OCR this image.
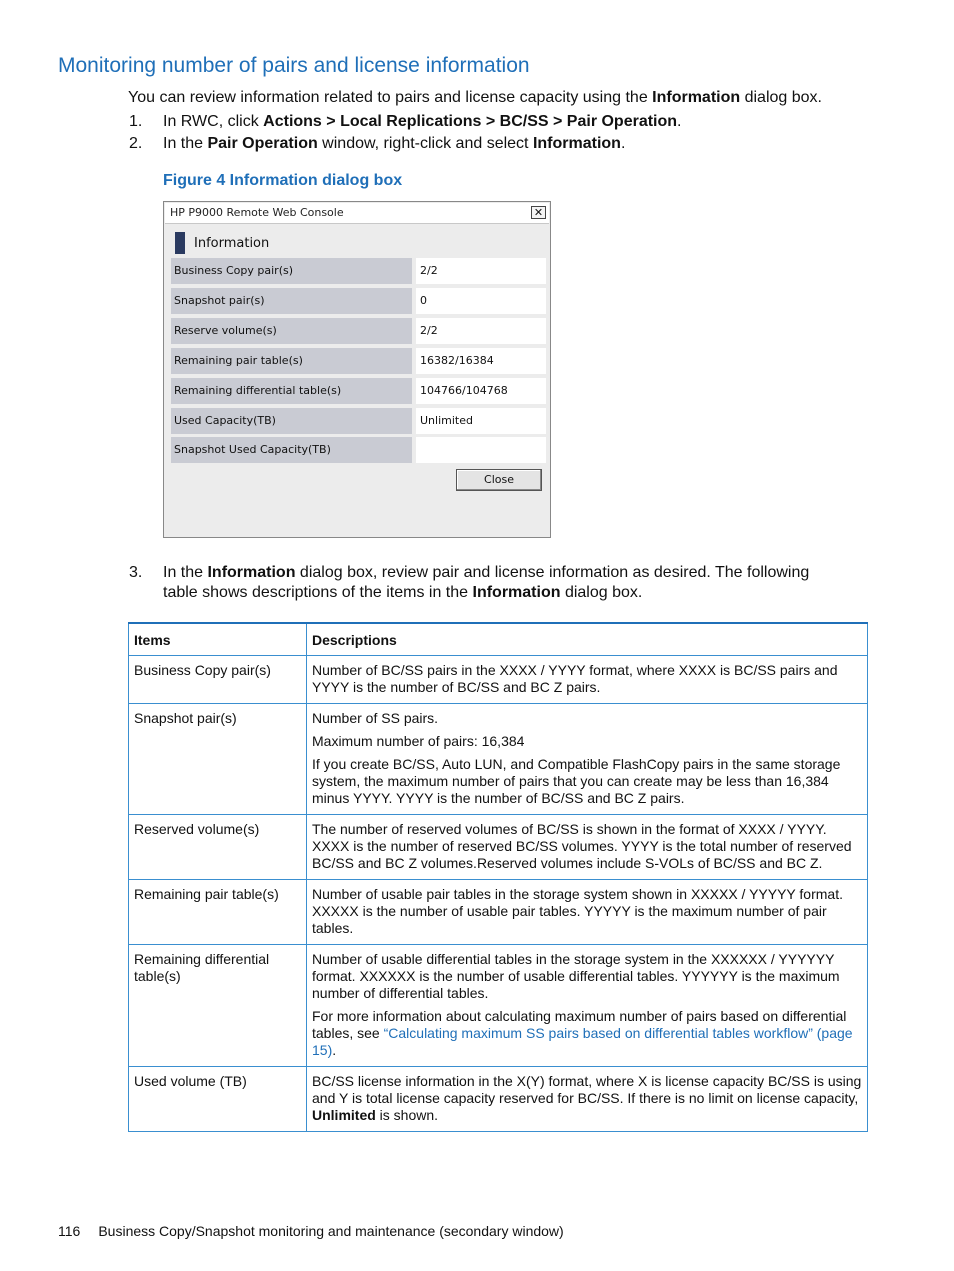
Monitoring number of pairs and license information
You can review information related to pairs and license capacity using the Information dialog box.
1. In RWC, click Actions > Local Replications > BC/SS > Pair Operation.
2. In the Pair Operation window, right-click and select Information.
Figure 4 Information dialog box
HP P9000 Remote Web Console	✕
Information
Business Copy pair(s)	2/2
Snapshot pair(s)	0
Reserve volume(s)	2/2
Remaining pair table(s)	16382/16384
Remaining differential table(s)	104766/104768
Used Capacity(TB)	Unlimited
Snapshot Used Capacity(TB)
Close
3. In the Information dialog box, review pair and license information as desired. The following
table shows descriptions of the items in the Information dialog box.
Items	Descriptions
Business Copy pair(s)	Number of BC/SS pairs in the XXXX / YYYY format, where XXXX is BC/SS pairs and YYYY is the number of BC/SS and BC Z pairs.

Snapshot pair(s)	Number of SS pairs.

Maximum number of pairs: 16,384

If you create BC/SS, Auto LUN, and Compatible FlashCopy pairs in the same storage system, the maximum number of pairs that you can create may be less than 16,384 minus YYYY. YYYY is the number of BC/SS and BC Z pairs.

Reserved volume(s)	The number of reserved volumes of BC/SS is shown in the format of XXXX / YYYY. XXXX is the number of reserved BC/SS volumes. YYYY is the total number of reserved BC/SS and BC Z volumes.Reserved volumes include S-VOLs of BC/SS and BC Z.

Remaining pair table(s)	Number of usable pair tables in the storage system shown in XXXXX / YYYYY format. XXXXX is the number of usable pair tables. YYYYY is the maximum number of pair tables.

Remaining differential table(s)	Number of usable differential tables in the storage system in the XXXXXX / YYYYYY format. XXXXXX is the number of usable differential tables. YYYYYY is the maximum number of differential tables.

For more information about calculating maximum number of pairs based on differential tables, see “Calculating maximum SS pairs based on differential tables workflow” (page 15).

Used volume (TB)	BC/SS license information in the X(Y) format, where X is license capacity BC/SS is using and Y is total license capacity reserved for BC/SS. If there is no limit on license capacity, Unlimited is shown.

116 Business Copy/Snapshot monitoring and maintenance (secondary window)
